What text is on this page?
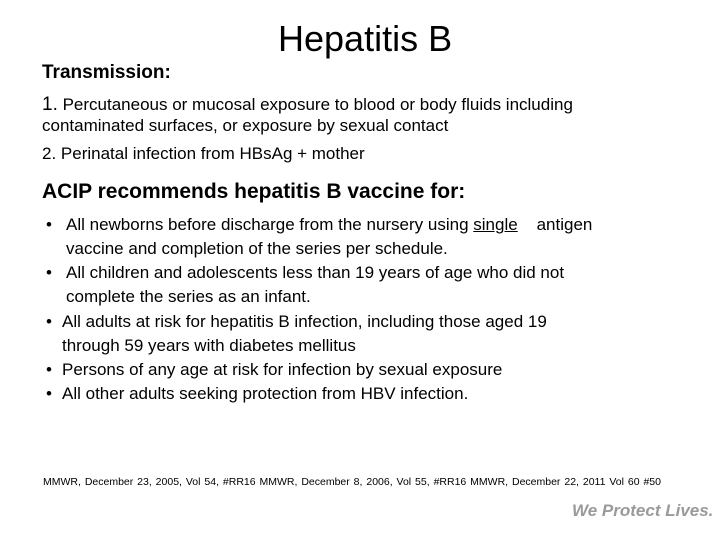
Hepatitis B
Transmission:
1. Percutaneous or mucosal exposure to blood or body fluids including
contaminated surfaces, or exposure by sexual contact
2. Perinatal infection from HBsAg + mother
ACIP recommends hepatitis B vaccine for:
• All newborns before discharge from the nursery using single    antigen
vaccine and completion of the series per schedule.
• All children and adolescents less than 19 years of age who did not
complete the series as an infant.
• All adults at risk for hepatitis B infection, including those aged 19
through 59 years with diabetes mellitus
• Persons of any age at risk for infection by sexual exposure
• All other adults seeking protection from HBV infection.
MMWR, December 23, 2005, Vol 54, #RR16 MMWR, December 8, 2006, Vol 55, #RR16 MMWR, December 22, 2011 Vol 60 #50
We Protect Lives.
